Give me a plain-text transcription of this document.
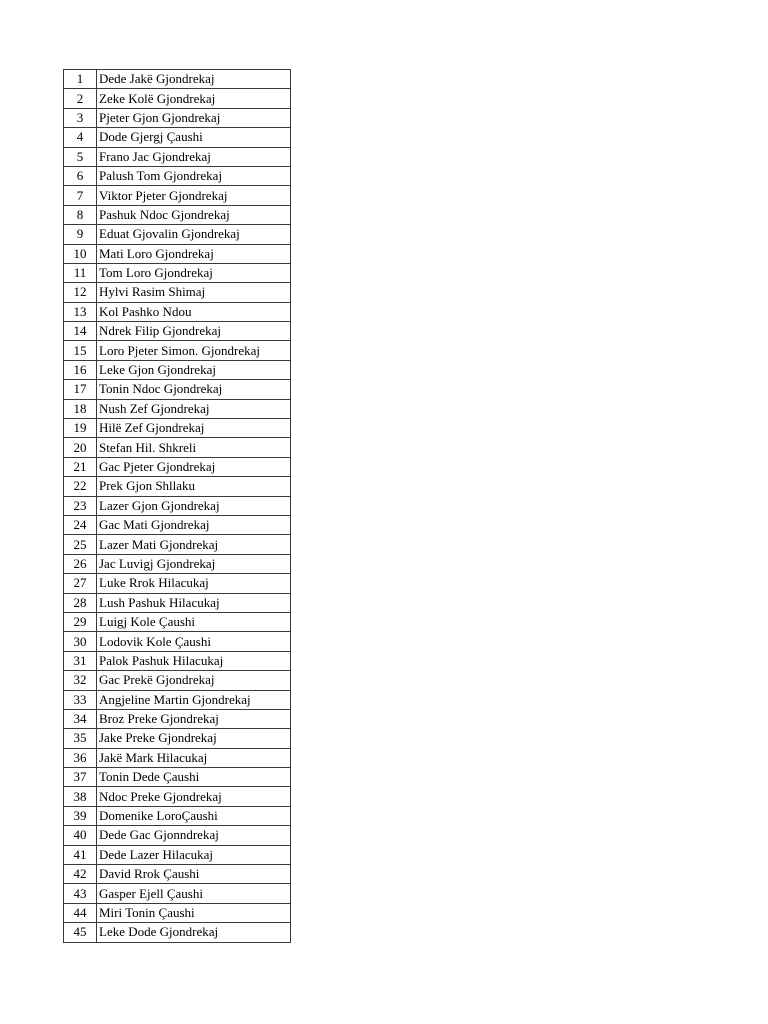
1	Dede Jakë Gjondrekaj
2	Zeke Kolë Gjondrekaj
3	Pjeter Gjon Gjondrekaj
4	Dode Gjergj Çaushi
5	Frano Jac Gjondrekaj
6	Palush Tom Gjondrekaj
7	Viktor Pjeter Gjondrekaj
8	Pashuk Ndoc Gjondrekaj
9	Eduat Gjovalin Gjondrekaj
10	Mati Loro Gjondrekaj
11	Tom Loro Gjondrekaj
12	Hylvi Rasim Shimaj
13	Kol Pashko Ndou
14	Ndrek Filip Gjondrekaj
15	Loro Pjeter Simon. Gjondrekaj
16	Leke Gjon Gjondrekaj
17	Tonin Ndoc Gjondrekaj
18	Nush Zef Gjondrekaj
19	Hilë Zef Gjondrekaj
20	Stefan Hil. Shkreli
21	Gac Pjeter Gjondrekaj
22	Prek Gjon Shllaku
23	Lazer Gjon Gjondrekaj
24	Gac Mati Gjondrekaj
25	Lazer Mati Gjondrekaj
26	Jac Luvigj Gjondrekaj
27	Luke Rrok Hilacukaj
28	Lush Pashuk Hilacukaj
29	Luigj Kole Çaushi
30	Lodovik Kole Çaushi
31	Palok Pashuk Hilacukaj
32	Gac Prekë Gjondrekaj
33	Angjeline Martin Gjondrekaj
34	Broz Preke Gjondrekaj
35	Jake Preke Gjondrekaj
36	Jakë Mark Hilacukaj
37	Tonin Dede Çaushi
38	Ndoc Preke Gjondrekaj
39	Domenike LoroÇaushi
40	Dede Gac Gjonndrekaj
41	Dede Lazer Hilacukaj
42	David Rrok Çaushi
43	Gasper Ejell Çaushi
44	Miri Tonin Çaushi
45	Leke Dode Gjondrekaj
